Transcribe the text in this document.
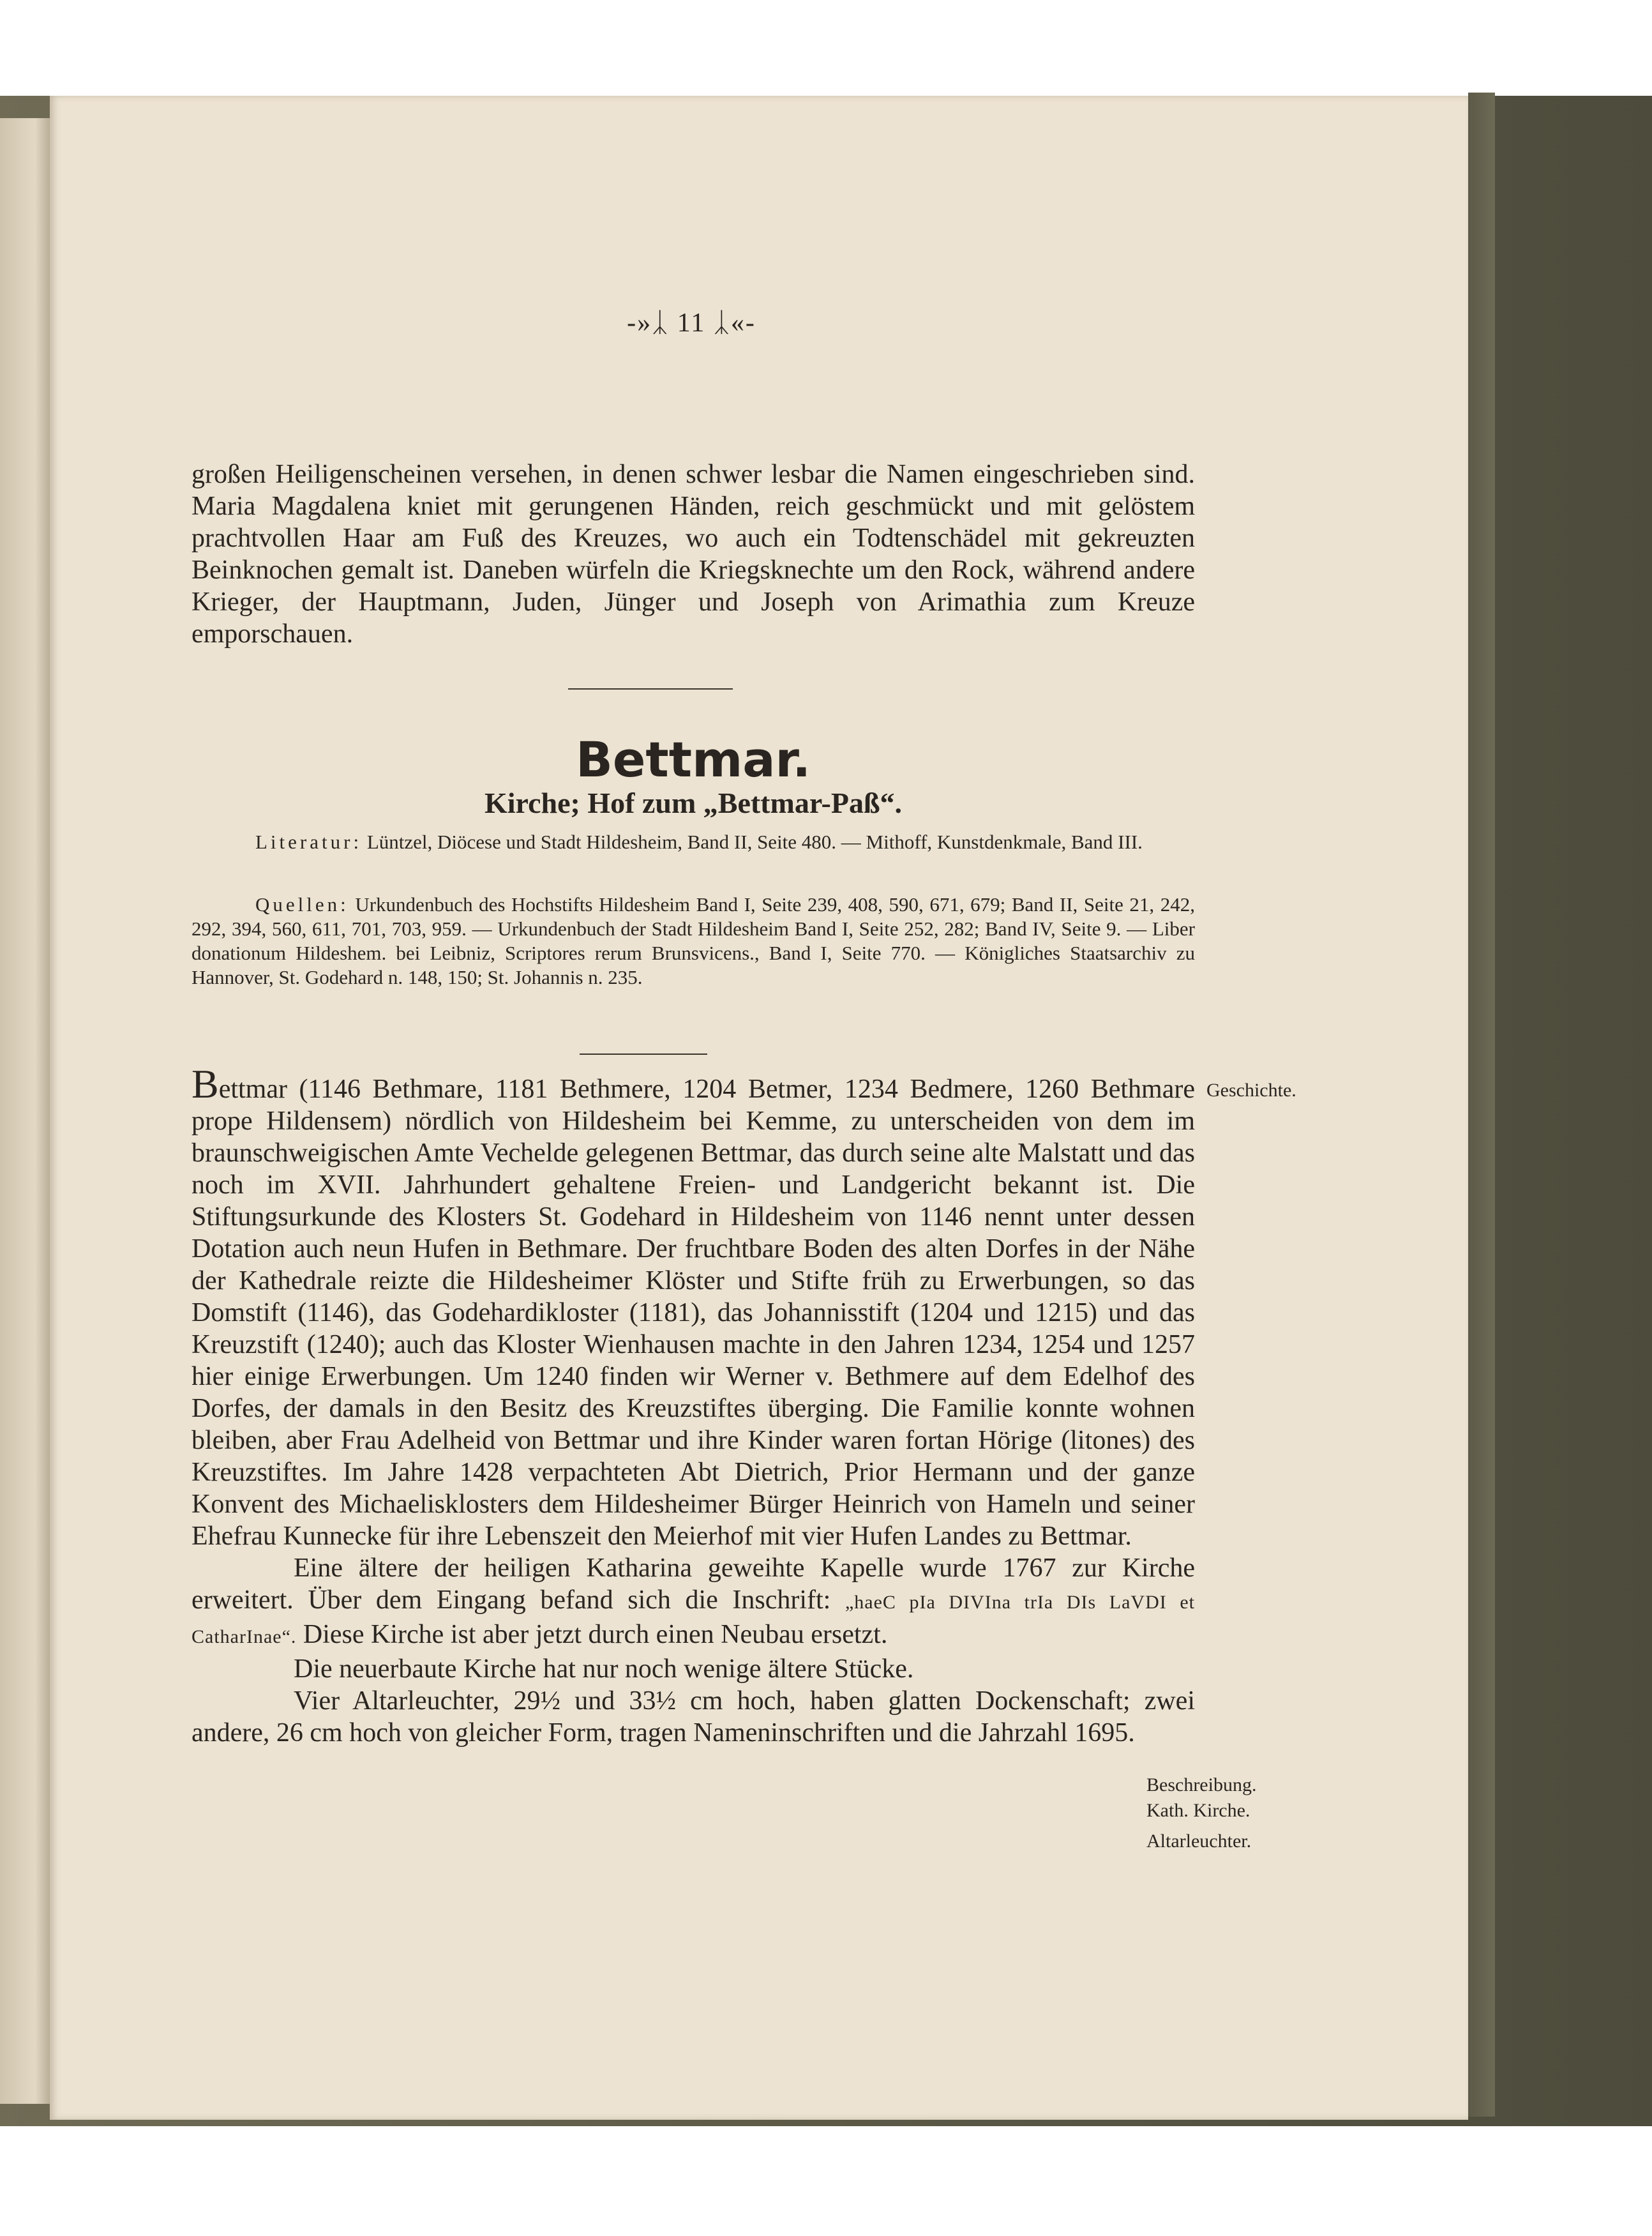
-»ᛣ 11 ᛣ«-

großen Heiligenscheinen versehen, in denen schwer lesbar die Namen eingeschrieben sind. Maria Magdalena kniet mit gerungenen Händen, reich geschmückt und mit gelöstem prachtvollen Haar am Fuß des Kreuzes, wo auch ein Todtenschädel mit gekreuzten Beinknochen gemalt ist. Daneben würfeln die Kriegsknechte um den Rock, während andere Krieger, der Hauptmann, Juden, Jünger und Joseph von Arimathia zum Kreuze emporschauen.

Bettmar.
Kirche; Hof zum „Bettmar-Paß“.

Literatur: Lüntzel, Diöcese und Stadt Hildesheim, Band II, Seite 480. — Mithoff, Kunstdenkmale, Band III.

Quellen: Urkundenbuch des Hochstifts Hildesheim Band I, Seite 239, 408, 590, 671, 679; Band II, Seite 21, 242, 292, 394, 560, 611, 701, 703, 959. — Urkundenbuch der Stadt Hildesheim Band I, Seite 252, 282; Band IV, Seite 9. — Liber donationum Hildeshem. bei Leibniz, Scriptores rerum Brunsvicens., Band I, Seite 770. — Königliches Staatsarchiv zu Hannover, St. Godehard n. 148, 150; St. Johannis n. 235.

Bettmar (1146 Bethmare, 1181 Bethmere, 1204 Betmer, 1234 Bedmere, 1260 Bethmare prope Hildensem) nördlich von Hildesheim bei Kemme, zu unterscheiden von dem im braunschweigischen Amte Vechelde gelegenen Bettmar, das durch seine alte Malstatt und das noch im XVII. Jahrhundert gehaltene Freien- und Landgericht bekannt ist. Die Stiftungsurkunde des Klosters St. Godehard in Hildesheim von 1146 nennt unter dessen Dotation auch neun Hufen in Bethmare. Der fruchtbare Boden des alten Dorfes in der Nähe der Kathedrale reizte die Hildesheimer Klöster und Stifte früh zu Erwerbungen, so das Domstift (1146), das Godehardikloster (1181), das Johannisstift (1204 und 1215) und das Kreuzstift (1240); auch das Kloster Wienhausen machte in den Jahren 1234, 1254 und 1257 hier einige Erwerbungen. Um 1240 finden wir Werner v. Bethmere auf dem Edelhof des Dorfes, der damals in den Besitz des Kreuzstiftes überging. Die Familie konnte wohnen bleiben, aber Frau Adelheid von Bettmar und ihre Kinder waren fortan Hörige (litones) des Kreuzstiftes. Im Jahre 1428 verpachteten Abt Dietrich, Prior Hermann und der ganze Konvent des Michaelisklosters dem Hildesheimer Bürger Heinrich von Hameln und seiner Ehefrau Kunnecke für ihre Lebenszeit den Meierhof mit vier Hufen Landes zu Bettmar.

Eine ältere der heiligen Katharina geweihte Kapelle wurde 1767 zur Kirche erweitert. Über dem Eingang befand sich die Inschrift: „haeC pIa DIVIna trIa DIs LaVDI et CatharInae“. Diese Kirche ist aber jetzt durch einen Neubau ersetzt.

Die neuerbaute Kirche hat nur noch wenige ältere Stücke.

Vier Altarleuchter, 29½ und 33½ cm hoch, haben glatten Dockenschaft; zwei andere, 26 cm hoch von gleicher Form, tragen Nameninschriften und die Jahrzahl 1695.

Geschichte.
Beschreibung.
Kath. Kirche.
Altarleuchter.
